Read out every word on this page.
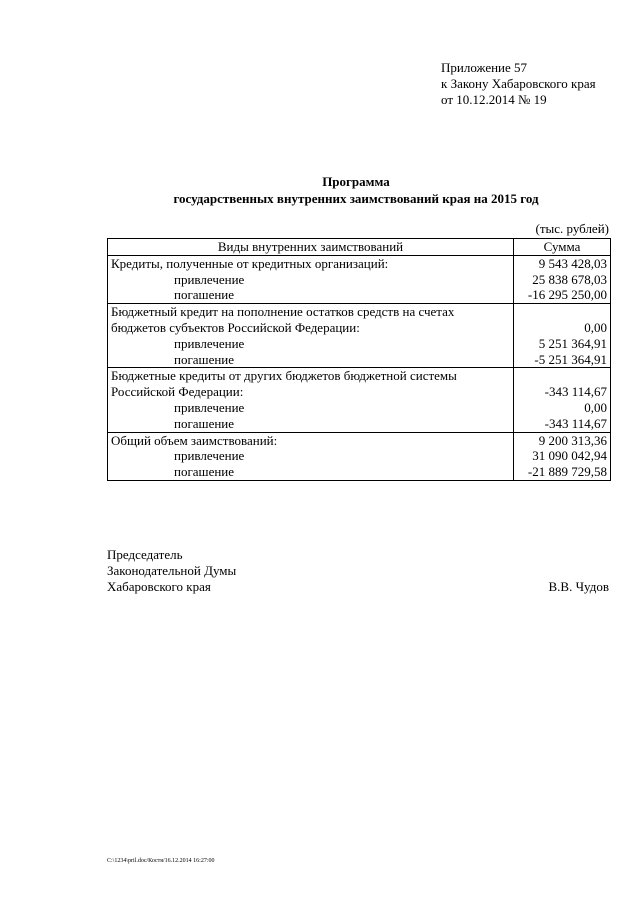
Приложение 57
к Закону Хабаровского края
от 10.12.2014 № 19
Программа
государственных внутренних заимствований края на 2015 год
(тыс. рублей)
Виды внутренних заимствований	Сумма
Кредиты, полученные от кредитных организаций:	9 543 428,03
привлечение	25 838 678,03
погашение	-16 295 250,00
Бюджетный кредит на пополнение остатков средств на счетах	
бюджетов субъектов Российской Федерации:	0,00
привлечение	5 251 364,91
погашение	-5 251 364,91
Бюджетные кредиты от других бюджетов бюджетной системы	
Российской Федерации:	-343 114,67
привлечение	0,00
погашение	-343 114,67
Общий объем заимствований:	9 200 313,36
привлечение	31 090 042,94
погашение	-21 889 729,58
Председатель
Законодательной Думы
Хабаровского края	В.В. Чудов
C:\1234\pril.doc/Костя/16.12.2014 16:27:00
